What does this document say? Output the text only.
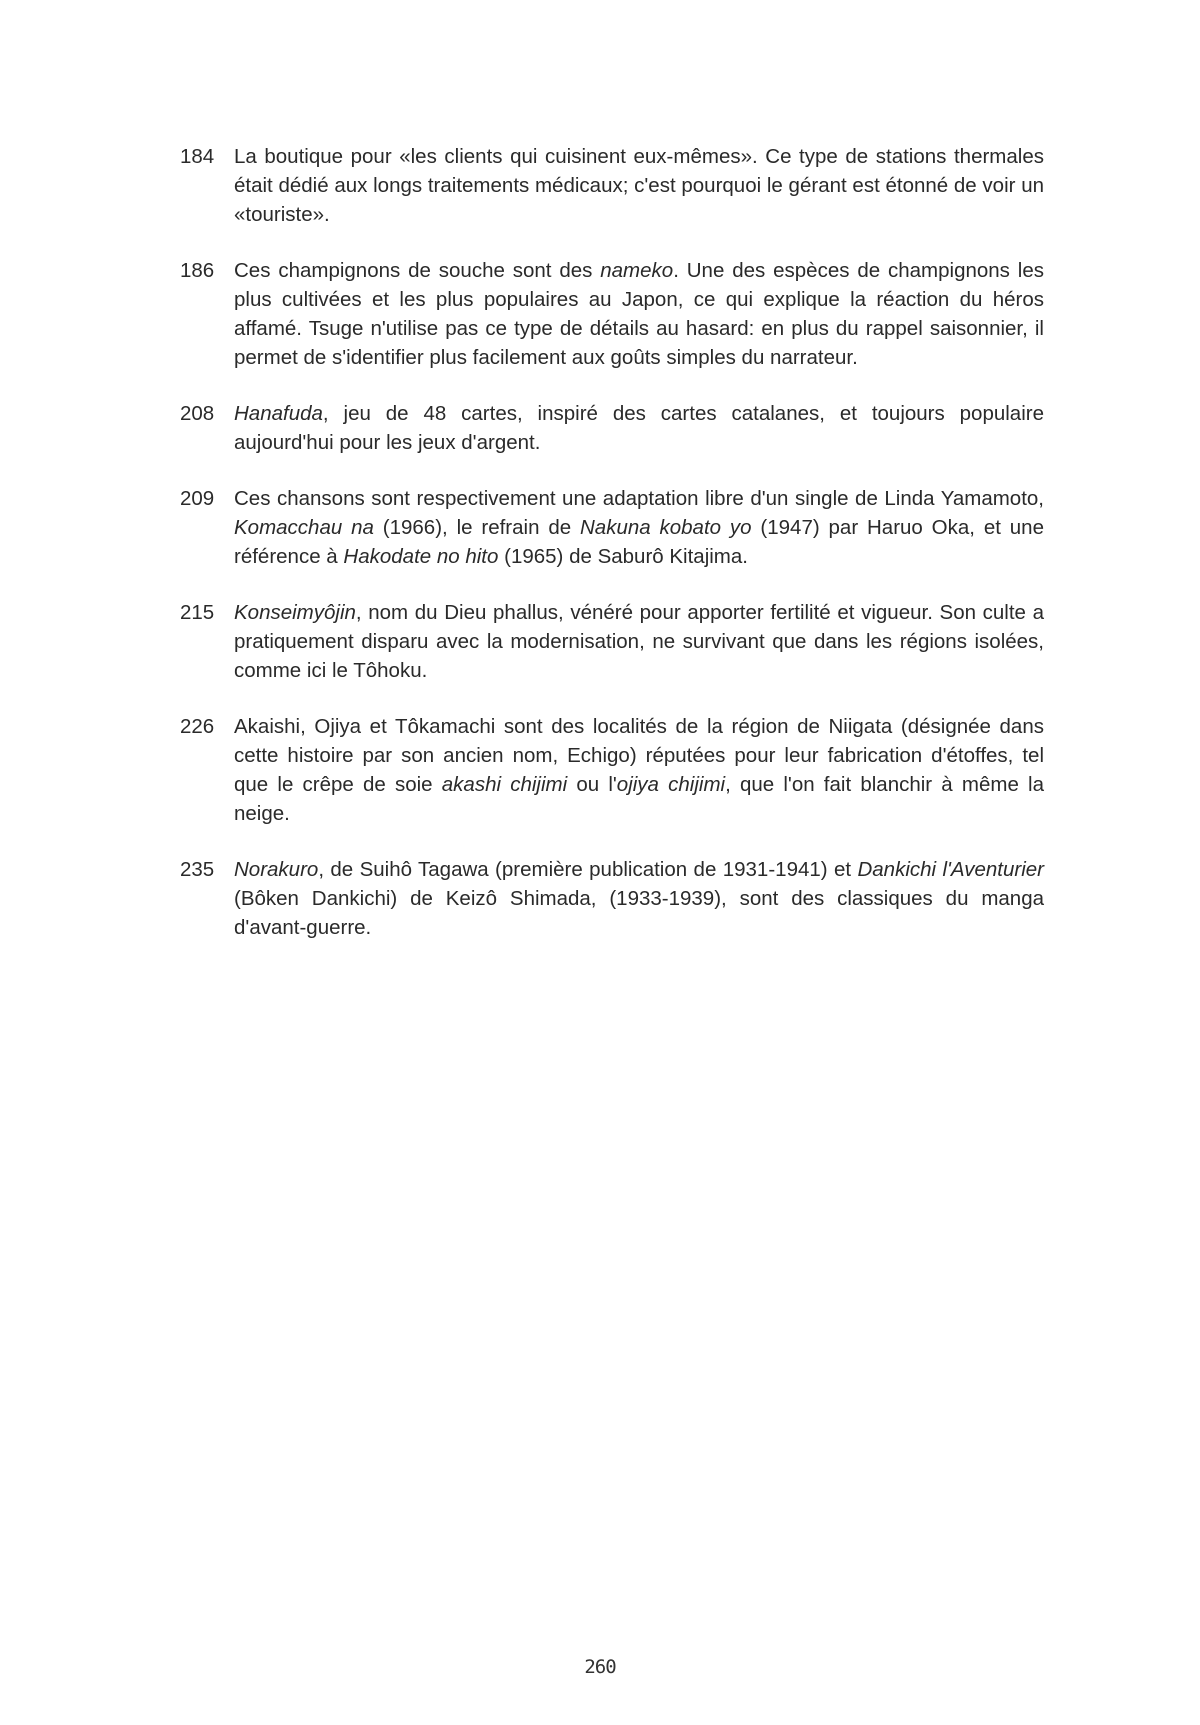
184 La boutique pour «les clients qui cuisinent eux-mêmes». Ce type de stations thermales était dédié aux longs traitements médicaux; c'est pourquoi le gérant est étonné de voir un «touriste».
186 Ces champignons de souche sont des nameko. Une des espèces de champignons les plus cultivées et les plus populaires au Japon, ce qui explique la réaction du héros affamé. Tsuge n'utilise pas ce type de détails au hasard: en plus du rappel saisonnier, il permet de s'identifier plus facilement aux goûts simples du narrateur.
208 Hanafuda, jeu de 48 cartes, inspiré des cartes catalanes, et toujours populaire aujourd'hui pour les jeux d'argent.
209 Ces chansons sont respectivement une adaptation libre d'un single de Linda Yamamoto, Komacchau na (1966), le refrain de Nakuna kobato yo (1947) par Haruo Oka, et une référence à Hakodate no hito (1965) de Saburô Kitajima.
215 Konseimyôjin, nom du Dieu phallus, vénéré pour apporter fertilité et vigueur. Son culte a pratiquement disparu avec la modernisation, ne survivant que dans les régions isolées, comme ici le Tôhoku.
226 Akaishi, Ojiya et Tôkamachi sont des localités de la région de Niigata (désignée dans cette histoire par son ancien nom, Echigo) réputées pour leur fabrication d'étoffes, tel que le crêpe de soie akashi chijimi ou l'ojiya chijimi, que l'on fait blanchir à même la neige.
235 Norakuro, de Suihô Tagawa (première publication de 1931-1941) et Dankichi l'Aventurier (Bôken Dankichi) de Keizô Shimada, (1933-1939), sont des classiques du manga d'avant-guerre.
260
